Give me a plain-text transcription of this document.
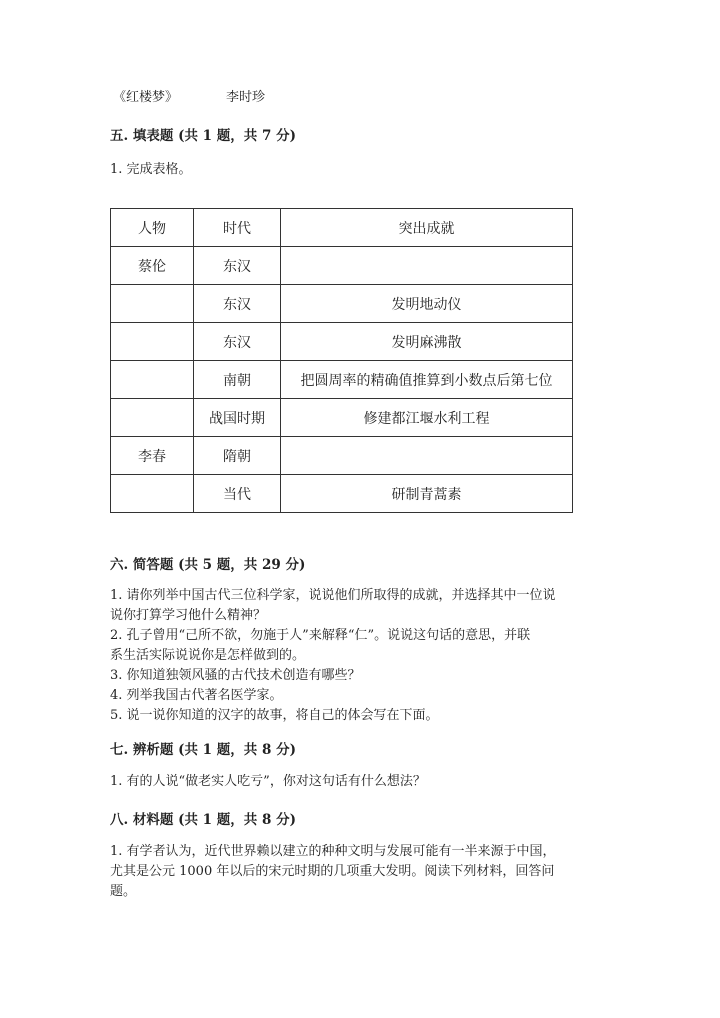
《红楼梦》	李时珍
五. 填表题 (共 1 题，共 7 分)
1. 完成表格。
人物	时代	突出成就
蔡伦	东汉	
	东汉	发明地动仪
	东汉	发明麻沸散
	南朝	把圆周率的精确值推算到小数点后第七位
	战国时期	修建都江堰水利工程
李春	隋朝	
	当代	研制青蒿素
六. 简答题 (共 5 题，共 29 分)
1. 请你列举中国古代三位科学家，说说他们所取得的成就，并选择其中一位说
说你打算学习他什么精神？
2. 孔子曾用“己所不欲，勿施于人”来解释“仁”。说说这句话的意思，并联
系生活实际说说你是怎样做到的。
3. 你知道独领风骚的古代技术创造有哪些？
4. 列举我国古代著名医学家。
5. 说一说你知道的汉字的故事，将自己的体会写在下面。
七. 辨析题 (共 1 题，共 8 分)
1. 有的人说“做老实人吃亏”，你对这句话有什么想法？
八. 材料题 (共 1 题，共 8 分)
1. 有学者认为，近代世界赖以建立的种种文明与发展可能有一半来源于中国，
尤其是公元 1000 年以后的宋元时期的几项重大发明。阅读下列材料，回答问
题。
